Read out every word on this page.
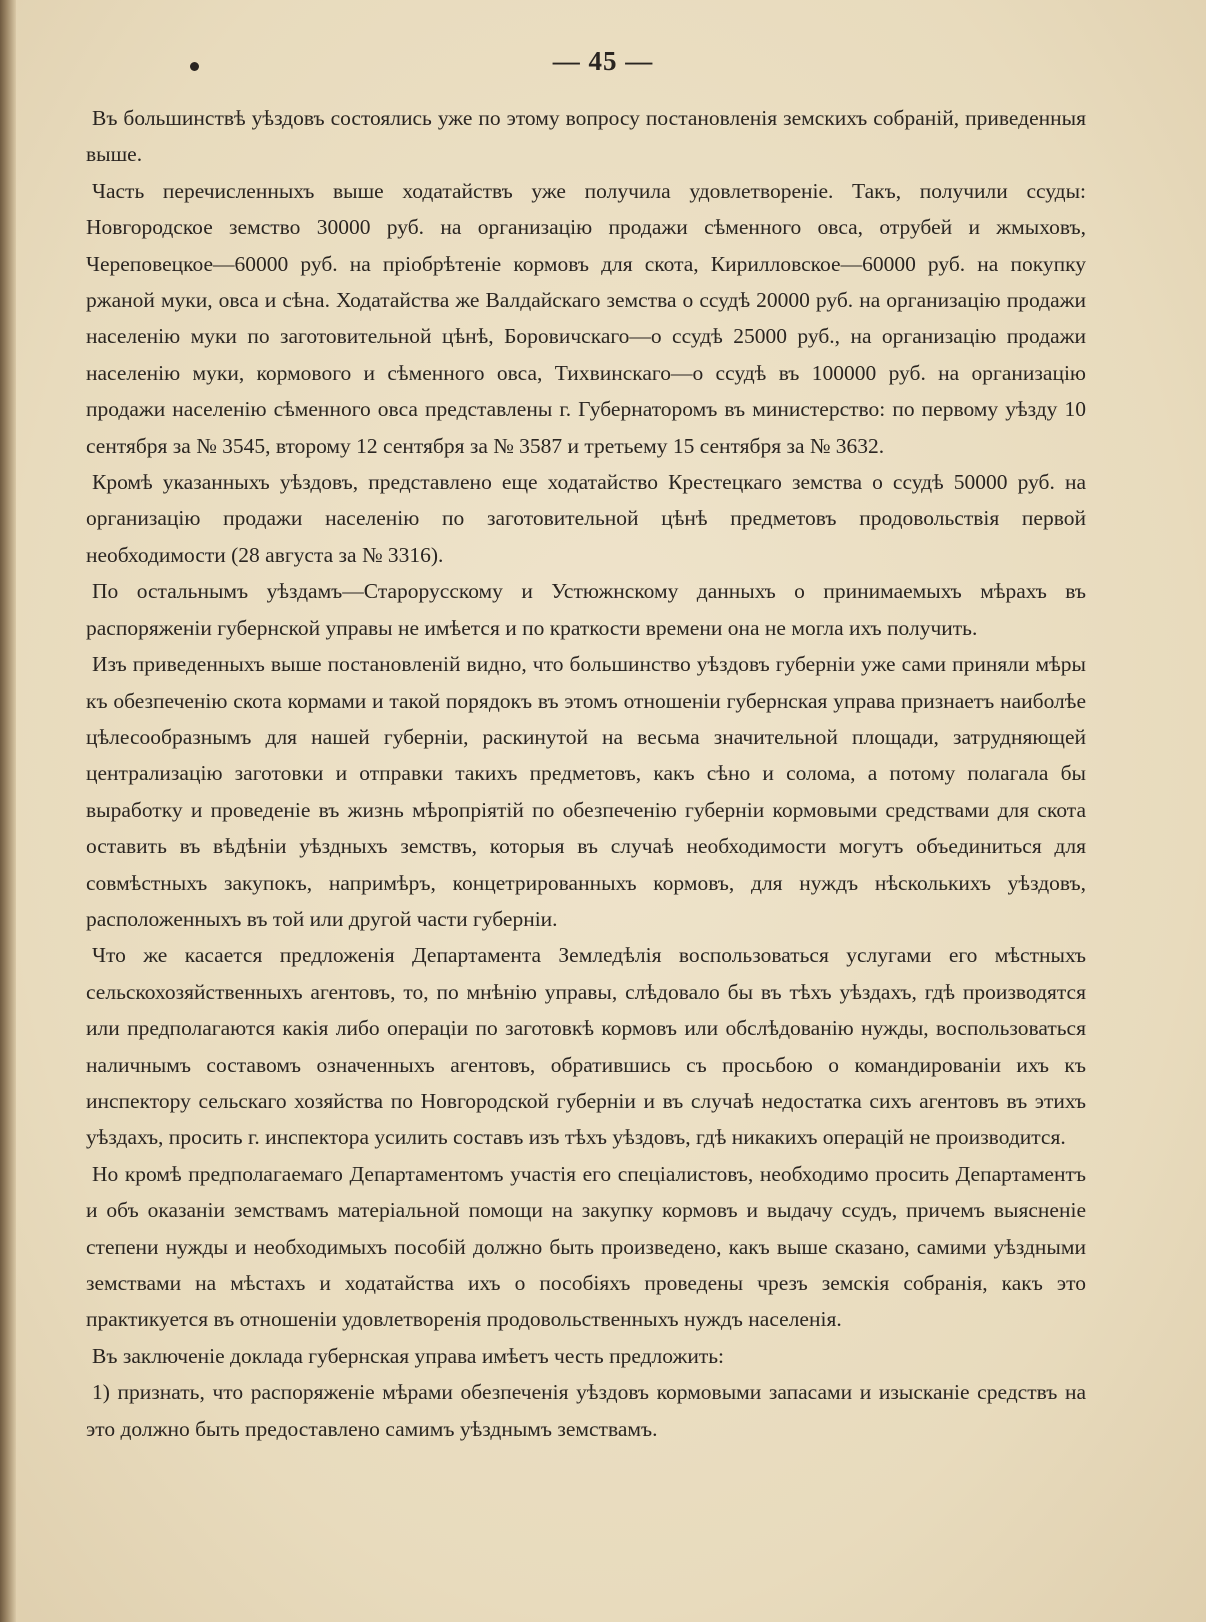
— 45 —

Въ большинствѣ уѣздовъ состоялись уже по этому вопросу постановленія земскихъ собраній, приведенныя выше.

Часть перечисленныхъ выше ходатайствъ уже получила удовлетвореніе. Такъ, получили ссуды: Новгородское земство 30000 руб. на организацію продажи сѣменного овса, отрубей и жмыховъ, Череповецкое—60000 руб. на пріобрѣтеніе кормовъ для скота, Кирилловское—60000 руб. на покупку ржаной муки, овса и сѣна. Ходатайства же Валдайскаго земства о ссудѣ 20000 руб. на организацію продажи населенію муки по заготовительной цѣнѣ, Боровичскаго—о ссудѣ 25000 руб., на организацію продажи населенію муки, кормового и сѣменного овса, Тихвинскаго—о ссудѣ въ 100000 руб. на организацію продажи населенію сѣменного овса представлены г. Губернаторомъ въ министерство: по первому уѣзду 10 сентября за № 3545, второму 12 сентября за № 3587 и третьему 15 сентября за № 3632.

Кромѣ указанныхъ уѣздовъ, представлено еще ходатайство Крестецкаго земства о ссудѣ 50000 руб. на организацію продажи населенію по заготовительной цѣнѣ предметовъ продовольствія первой необходимости (28 августа за № 3316).

По остальнымъ уѣздамъ—Старорусскому и Устюжнскому данныхъ о принимаемыхъ мѣрахъ въ распоряженіи губернской управы не имѣется и по краткости времени она не могла ихъ получить.

Изъ приведенныхъ выше постановленій видно, что большинство уѣздовъ губерніи уже сами приняли мѣры къ обезпеченію скота кормами и такой порядокъ въ этомъ отношеніи губернская управа признаетъ наиболѣе цѣлесообразнымъ для нашей губерніи, раскинутой на весьма значительной площади, затрудняющей централизацію заготовки и отправки такихъ предметовъ, какъ сѣно и солома, а потому полагала бы выработку и проведеніе въ жизнь мѣропріятій по обезпеченію губерніи кормовыми средствами для скота оставить въ вѣдѣніи уѣздныхъ земствъ, которыя въ случаѣ необходимости могутъ объединиться для совмѣстныхъ закупокъ, напримѣръ, концетрированныхъ кормовъ, для нуждъ нѣсколькихъ уѣздовъ, расположенныхъ въ той или другой части губерніи.

Что же касается предложенія Департамента Земледѣлія воспользоваться услугами его мѣстныхъ сельскохозяйственныхъ агентовъ, то, по мнѣнію управы, слѣдовало бы въ тѣхъ уѣздахъ, гдѣ производятся или предполагаются какія либо операціи по заготовкѣ кормовъ или обслѣдованію нужды, воспользоваться наличнымъ составомъ означенныхъ агентовъ, обратившись съ просьбою о командированіи ихъ къ инспектору сельскаго хозяйства по Новгородской губерніи и въ случаѣ недостатка сихъ агентовъ въ этихъ уѣздахъ, просить г. инспектора усилить составъ изъ тѣхъ уѣздовъ, гдѣ никакихъ операцій не производится.

Но кромѣ предполагаемаго Департаментомъ участія его спеціалистовъ, необходимо просить Департаментъ и объ оказаніи земствамъ матеріальной помощи на закупку кормовъ и выдачу ссудъ, причемъ выясненіе степени нужды и необходимыхъ пособій должно быть произведено, какъ выше сказано, самими уѣздными земствами на мѣстахъ и ходатайства ихъ о пособіяхъ проведены чрезъ земскія собранія, какъ это практикуется въ отношеніи удовлетворенія продовольственныхъ нуждъ населенія.

Въ заключеніе доклада губернская управа имѣетъ честь предложить:

1) признать, что распоряженіе мѣрами обезпеченія уѣздовъ кормовыми запасами и изысканіе средствъ на это должно быть предоставлено самимъ уѣзднымъ земствамъ.
